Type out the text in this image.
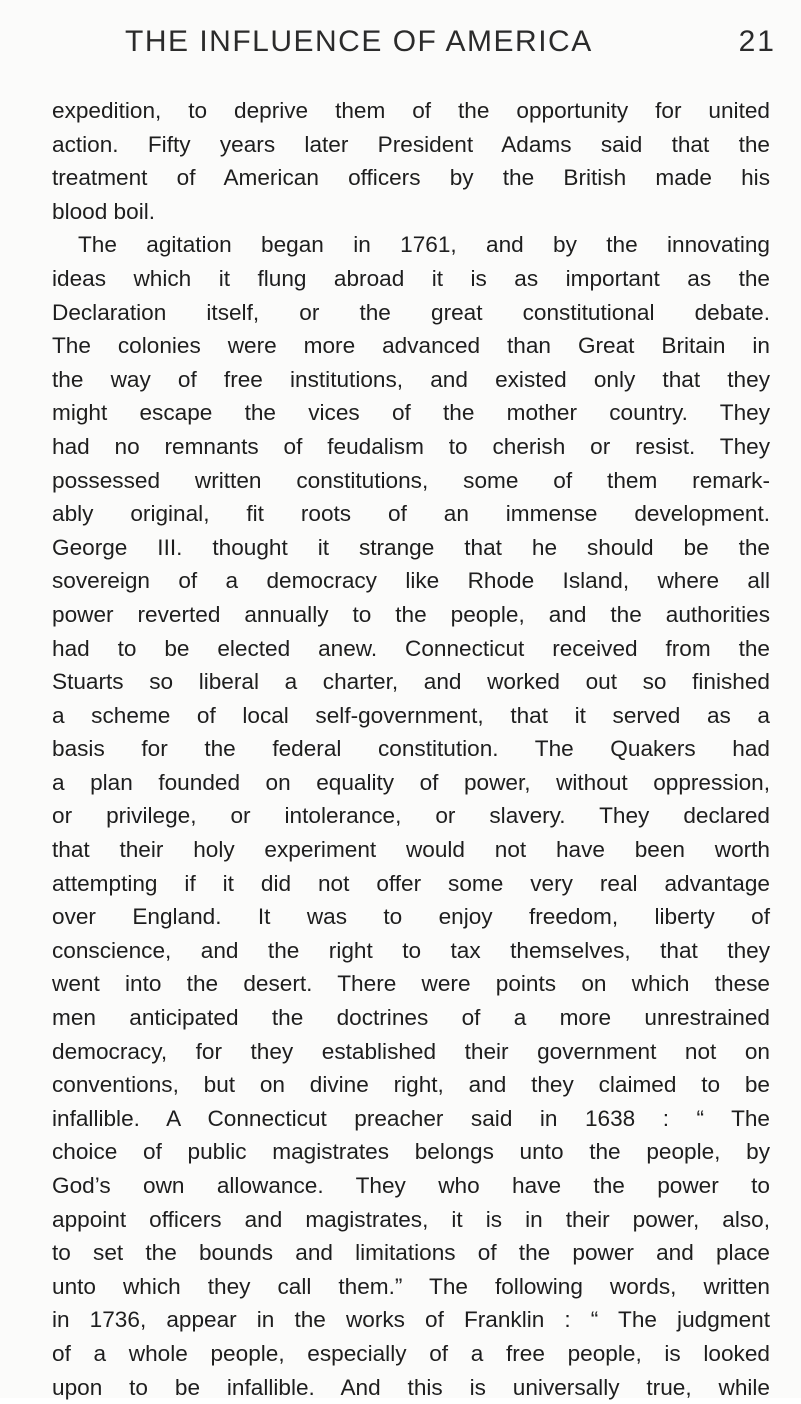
THE INFLUENCE OF AMERICA	21
expedition, to deprive them of the opportunity for united
action. Fifty years later President Adams said that the
treatment of American officers by the British made his
blood boil.
The agitation began in 1761, and by the innovating
ideas which it flung abroad it is as important as the
Declaration itself, or the great constitutional debate.
The colonies were more advanced than Great Britain in
the way of free institutions, and existed only that they
might escape the vices of the mother country. They
had no remnants of feudalism to cherish or resist. They
possessed written constitutions, some of them remark-
ably original, fit roots of an immense development.
George III. thought it strange that he should be the
sovereign of a democracy like Rhode Island, where all
power reverted annually to the people, and the authorities
had to be elected anew. Connecticut received from the
Stuarts so liberal a charter, and worked out so finished
a scheme of local self-government, that it served as a
basis for the federal constitution. The Quakers had
a plan founded on equality of power, without oppression,
or privilege, or intolerance, or slavery. They declared
that their holy experiment would not have been worth
attempting if it did not offer some very real advantage
over England. It was to enjoy freedom, liberty of
conscience, and the right to tax themselves, that they
went into the desert. There were points on which these
men anticipated the doctrines of a more unrestrained
democracy, for they established their government not on
conventions, but on divine right, and they claimed to be
infallible. A Connecticut preacher said in 1638 : “ The
choice of public magistrates belongs unto the people, by
God’s own allowance. They who have the power to
appoint officers and magistrates, it is in their power, also,
to set the bounds and limitations of the power and place
unto which they call them.” The following words, written
in 1736, appear in the works of Franklin : “ The judgment
of a whole people, especially of a free people, is looked
upon to be infallible. And this is universally true, while
